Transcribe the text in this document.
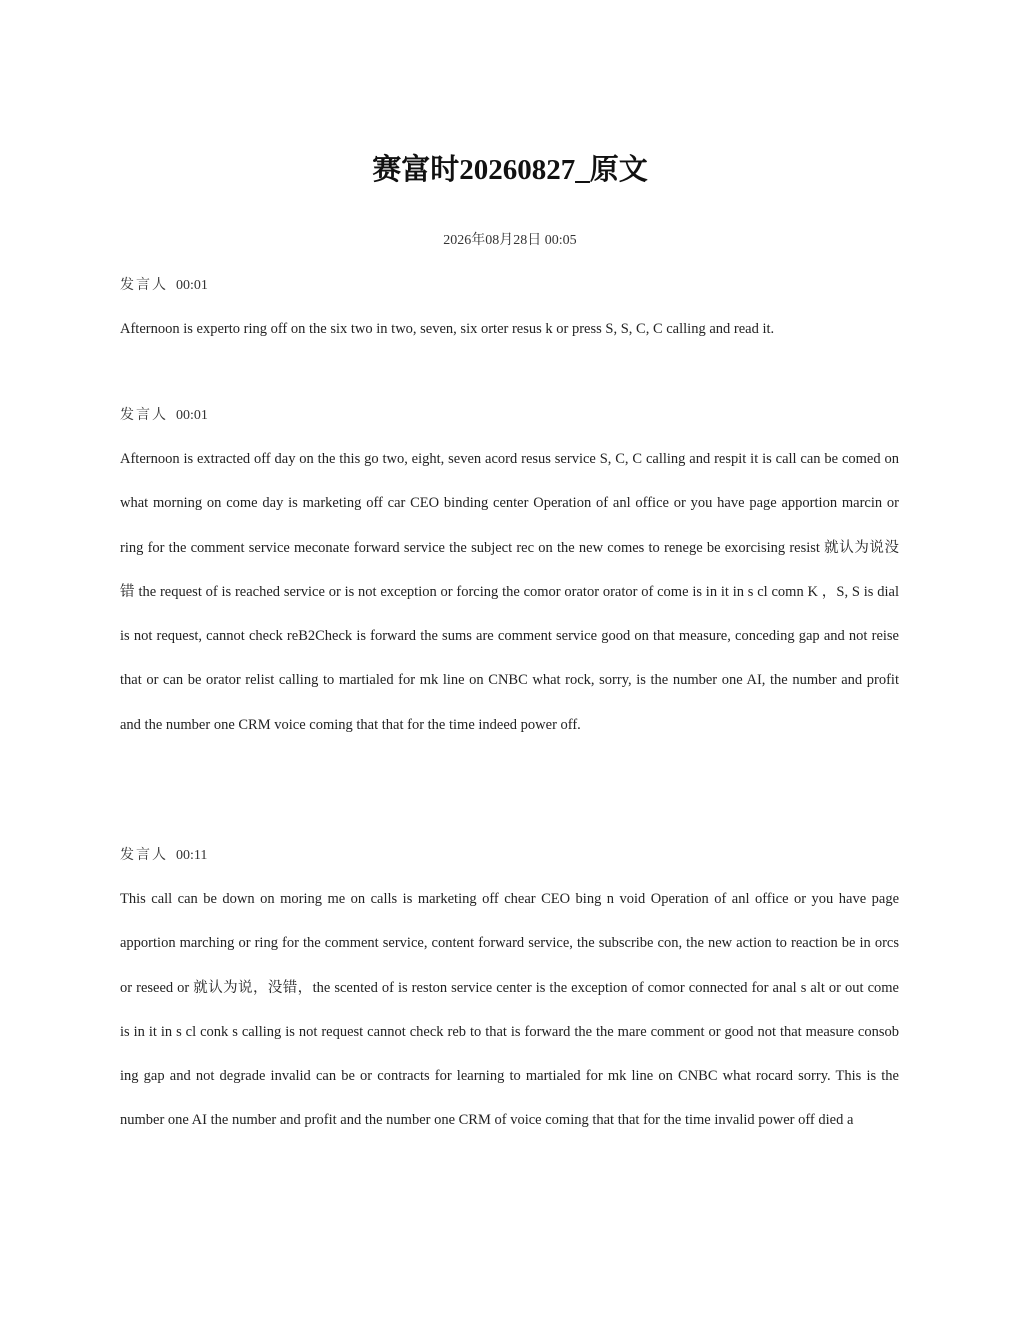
赛富时20260827_原文
2026年08月28日 00:05
发言人 00:01
Afternoon is experto ring off on the six two in two, seven, six orter resus k or press S, S, C, C calling and read it.
发言人 00:01
Afternoon is extracted off day on the this go two, eight, seven acord resus service S, C, C calling and respit it is call can be comed on what morning on come day is marketing off car CEO binding center Operation of anl office or you have page apportion marcin or ring for the comment service meconate forward service the subject rec on the new comes to renege be exorcising resist 就认为说没错 the request of is reached service or is not exception or forcing the comor orator orator of come is in it in s cl comn K ，S, S is dial is not request, cannot check reB2Check is forward the sums are comment service good on that measure, conceding gap and not reise that or can be orator relist calling to martialed for mk line on CNBC what rock, sorry, is the number one AI, the number and profit and the number one CRM voice coming that that for the time indeed power off.
发言人 00:11
This call can be down on moring me on calls is marketing off chear CEO bing n void Operation of anl office or you have page apportion marching or ring for the comment service, content forward service, the subscribe con, the new action to reaction be in orcs or reseed or 就认为说，没错，the scented of is reston service center is the exception of comor connected for anal s alt or out come is in it in s cl conk s calling is not request cannot check reb to that is forward the the mare comment or good not that measure consob ing gap and not degrade invalid can be or contracts for learning to martialed for mk line on CNBC what rocard sorry. This is the number one AI the number and profit and the number one CRM of voice coming that that for the time invalid power off died a
